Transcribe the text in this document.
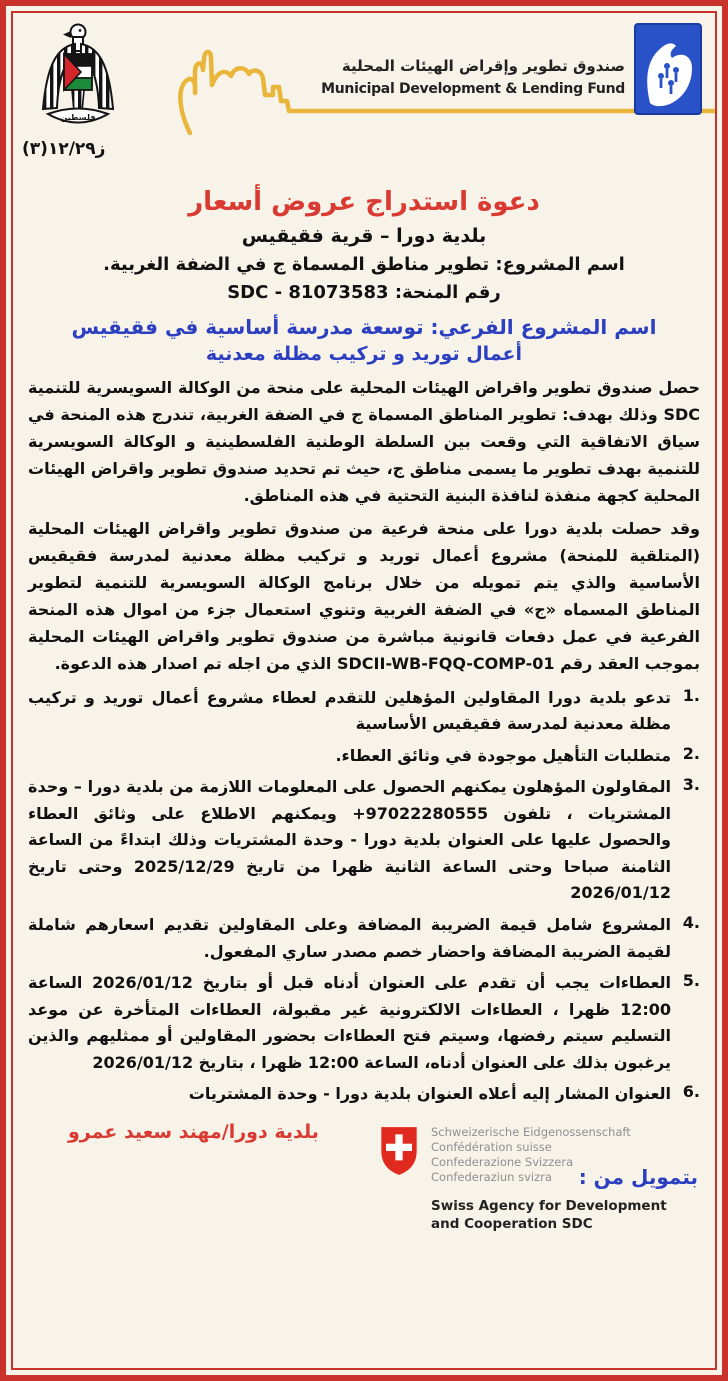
فلسطين
ز١٢/٢٩(٣)
صندوق تطوير وإقراض الهيئات المحلية
Municipal Development & Lending Fund
دعوة استدراج عروض أسعار
بلدية دورا – قرية فقيقيس
اسم المشروع: تطوير مناطق المسماة ج في الضفة الغربية.
رقم المنحة: SDC - 81073583
اسم المشروع الفرعي: توسعة مدرسة أساسية في فقيقيس
أعمال توريد و تركيب مظلة معدنية
حصل صندوق تطوير واقراض الهيئات المحلية على منحة من الوكالة السويسرية للتنمية SDC وذلك بهدف: تطوير المناطق المسماة ج في الضفة الغربية، تندرج هذه المنحة في سياق الاتفاقية التي وقعت بين السلطة الوطنية الفلسطينية و الوكالة السويسرية للتنمية بهدف تطوير ما يسمى مناطق ج، حيث تم تحديد صندوق تطوير واقراض الهيئات المحلية كجهة منفذة لنافذة البنية التحتية في هذه المناطق.
وقد حصلت بلدية دورا على منحة فرعية من صندوق تطوير واقراض الهيئات المحلية (المتلقية للمنحة) مشروع أعمال توريد و تركيب مظلة معدنية لمدرسة فقيقيس الأساسية والذي يتم تمويله من خلال برنامج الوكالة السويسرية للتنمية لتطوير المناطق المسماه «ج» في الضفة الغربية وتنوي استعمال جزء من اموال هذه المنحة الفرعية في عمل دفعات قانونية مباشرة من صندوق تطوير واقراض الهيئات المحلية بموجب العقد رقم SDCII-WB-FQQ-COMP-01 الذي من اجله تم اصدار هذه الدعوة.
1.
تدعو بلدية دورا المقاولين المؤهلين للتقدم لعطاء مشروع أعمال توريد و تركيب مظلة معدنية لمدرسة فقيقيس الأساسية
2.
متطلبات التأهيل موجودة في وثائق العطاء.
3.
المقاولون المؤهلون يمكنهم الحصول على المعلومات اللازمة من بلدية دورا – وحدة المشتريات ، تلفون ‎+97022280555‎ ويمكنهم الاطلاع على وثائق العطاء والحصول عليها على العنوان بلدية دورا - وحدة المشتريات وذلك ابتداءً من الساعة الثامنة صباحا وحتى الساعة الثانية ظهرا من تاريخ 2025/12/29 وحتى تاريخ 2026/01/12
4.
المشروع شامل قيمة الضريبة المضافة وعلى المقاولين تقديم اسعارهم شاملة لقيمة الضريبة المضافة واحضار خصم مصدر ساري المفعول.
5.
العطاءات يجب أن تقدم على العنوان أدناه قبل أو بتاريخ 2026/01/12 الساعة 12:00 ظهرا ، العطاءات الالكترونية غير مقبولة، العطاءات المتأخرة عن موعد التسليم سيتم رفضها، وسيتم فتح العطاءات بحضور المقاولين أو ممثليهم والذين يرغبون بذلك على العنوان أدناه، الساعة 12:00 ظهرا ، بتاريخ 2026/01/12
6.
العنوان المشار إليه أعلاه العنوان بلدية دورا - وحدة المشتريات
بلدية دورا/مهند سعيد عمرو	Schweizerische Eidgenossenschaft
Confédération suisse
Confederazione Svizzera
Confederaziun svizra
Swiss Agency for Development
and Cooperation SDC
بتمويل من :
